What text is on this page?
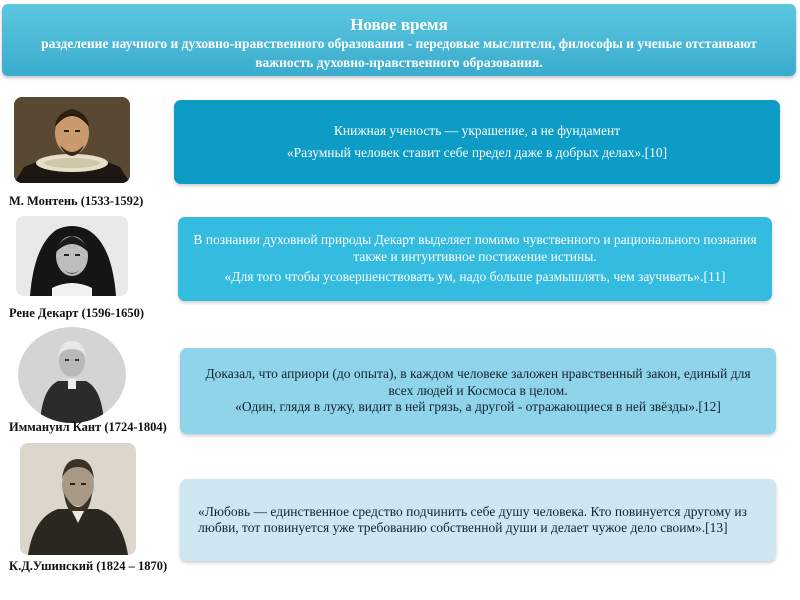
Новое время
разделение научного и духовно-нравственного образования - передовые мыслители, философы и ученые отстаивают важность духовно-нравственного образования.
М. Монтень (1533-1592)
Рене Декарт (1596-1650)
Иммануил Кант (1724-1804)
К.Д.Ушинский (1824 – 1870)

Книжная ученость — украшение, а не фундамент

«Разумный человек ставит себе предел даже в добрых делах».[10]

В познании духовной природы Декарт выделяет помимо чувственного и рационального познания также и интуитивное постижение истины.

«Для того чтобы усовершенствовать ум, надо больше размышлять, чем заучивать».[11]

Доказал, что априори (до опыта), в каждом человеке заложен нравственный закон, единый для всех людей и Космоса в целом.

«Один, глядя в лужу, видит в ней грязь, а другой - отражающиеся в ней звёзды».[12]

«Любовь — единственное средство подчинить себе душу человека. Кто повинуется другому из любви, тот повинуется уже требованию собственной души и делает чужое дело своим».[13]
